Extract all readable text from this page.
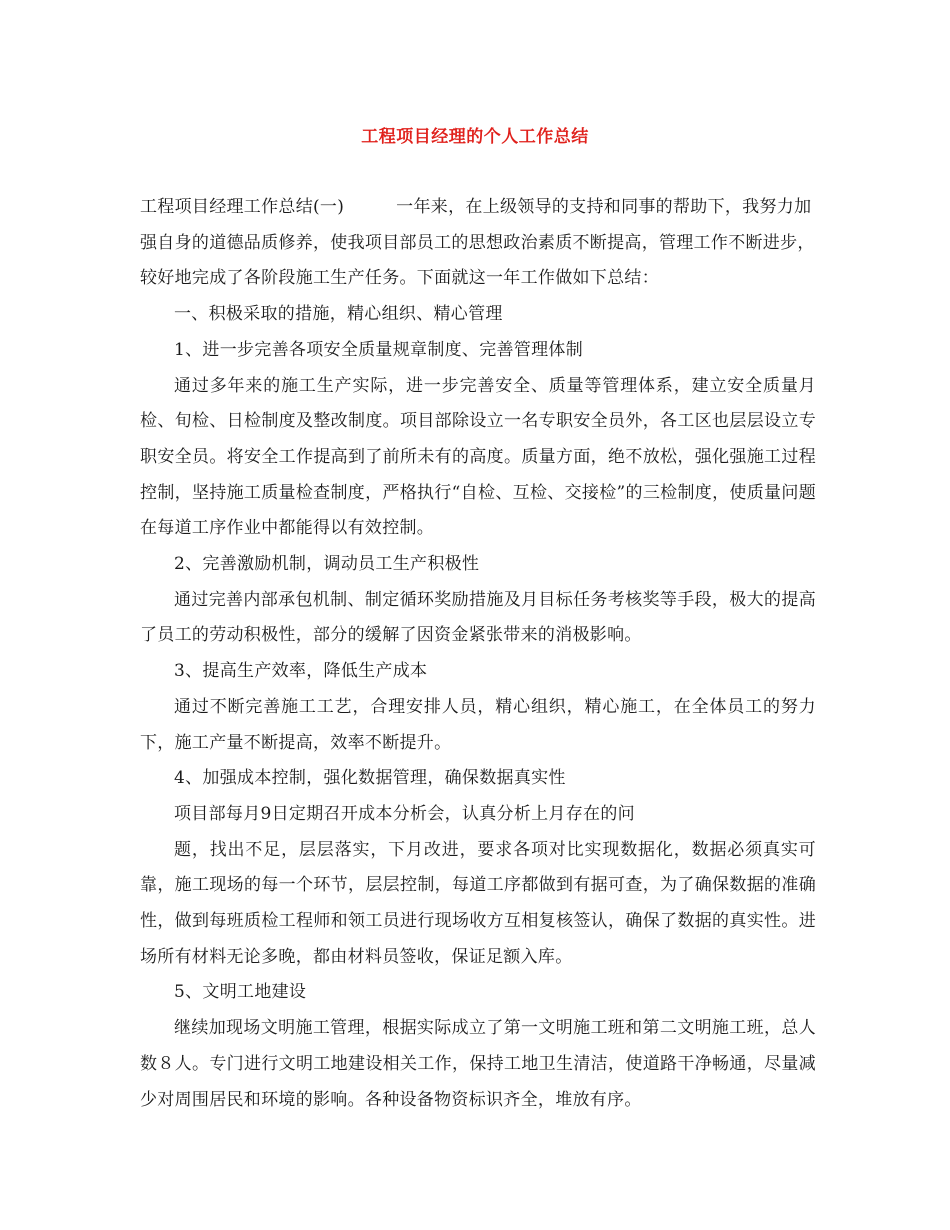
工程项目经理的个人工作总结

工程项目经理工作总结(一)	一年来，在上级领导的支持和同事的帮助下，我努力加强自身的道德品质修养，使我项目部员工的思想政治素质不断提高，管理工作不断进步，较好地完成了各阶段施工生产任务。下面就这一年工作做如下总结：

一、积极采取的措施，精心组织、精心管理

1、进一步完善各项安全质量规章制度、完善管理体制

通过多年来的施工生产实际，进一步完善安全、质量等管理体系，建立安全质量月检、旬检、日检制度及整改制度。项目部除设立一名专职安全员外，各工区也层层设立专职安全员。将安全工作提高到了前所未有的高度。质量方面，绝不放松，强化强施工过程控制，坚持施工质量检查制度，严格执行“自检、互检、交接检”的三检制度，使质量问题在每道工序作业中都能得以有效控制。

2、完善激励机制，调动员工生产积极性

通过完善内部承包机制、制定循环奖励措施及月目标任务考核奖等手段，极大的提高了员工的劳动积极性，部分的缓解了因资金紧张带来的消极影响。

3、提高生产效率，降低生产成本

通过不断完善施工工艺，合理安排人员，精心组织，精心施工，在全体员工的努力下，施工产量不断提高，效率不断提升。

4、加强成本控制，强化数据管理，确保数据真实性

项目部每月9日定期召开成本分析会，认真分析上月存在的问

题，找出不足，层层落实，下月改进，要求各项对比实现数据化，数据必须真实可靠，施工现场的每一个环节，层层控制，每道工序都做到有据可查，为了确保数据的准确性，做到每班质检工程师和领工员进行现场收方互相复核签认，确保了数据的真实性。进场所有材料无论多晚，都由材料员签收，保证足额入库。

5、文明工地建设

继续加现场文明施工管理，根据实际成立了第一文明施工班和第二文明施工班，总人数８人。专门进行文明工地建设相关工作，保持工地卫生清洁，使道路干净畅通，尽量减少对周围居民和环境的影响。各种设备物资标识齐全，堆放有序。
